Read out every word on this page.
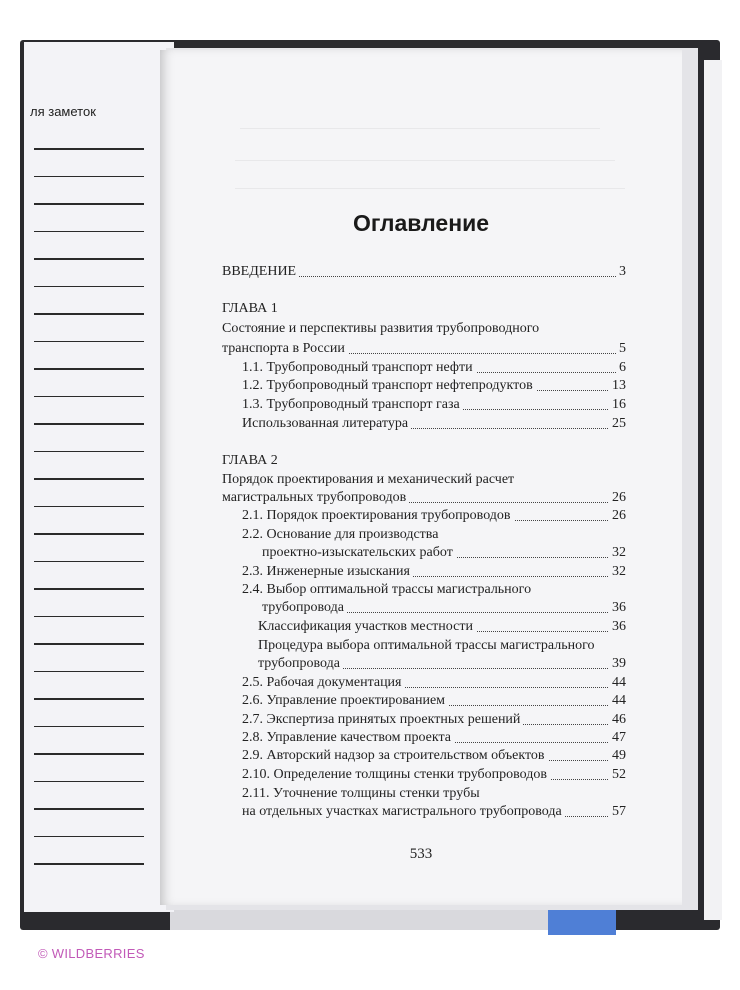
ля заметок
Оглавление
ВВЕДЕНИЕ	3
ГЛАВА 1
Состояние и перспективы развития трубопроводного
транспорта в России	5
1.1. Трубопроводный транспорт нефти	6
1.2. Трубопроводный транспорт нефтепродуктов	13
1.3. Трубопроводный транспорт газа	16
Использованная литература	25
ГЛАВА 2
Порядок проектирования и механический расчет
магистральных трубопроводов	26
2.1. Порядок проектирования трубопроводов	26
2.2. Основание для производства
проектно-изыскательских работ	32
2.3. Инженерные изыскания	32
2.4. Выбор оптимальной трассы магистрального
трубопровода	36
Классификация участков местности	36
Процедура выбора оптимальной трассы магистрального
трубопровода	39
2.5. Рабочая документация	44
2.6. Управление проектированием	44
2.7. Экспертиза принятых проектных решений	46
2.8. Управление качеством проекта	47
2.9. Авторский надзор за строительством объектов	49
2.10. Определение толщины стенки трубопроводов	52
2.11. Уточнение толщины стенки трубы
на отдельных участках магистрального трубопровода	57
533
© WILDBERRIES
